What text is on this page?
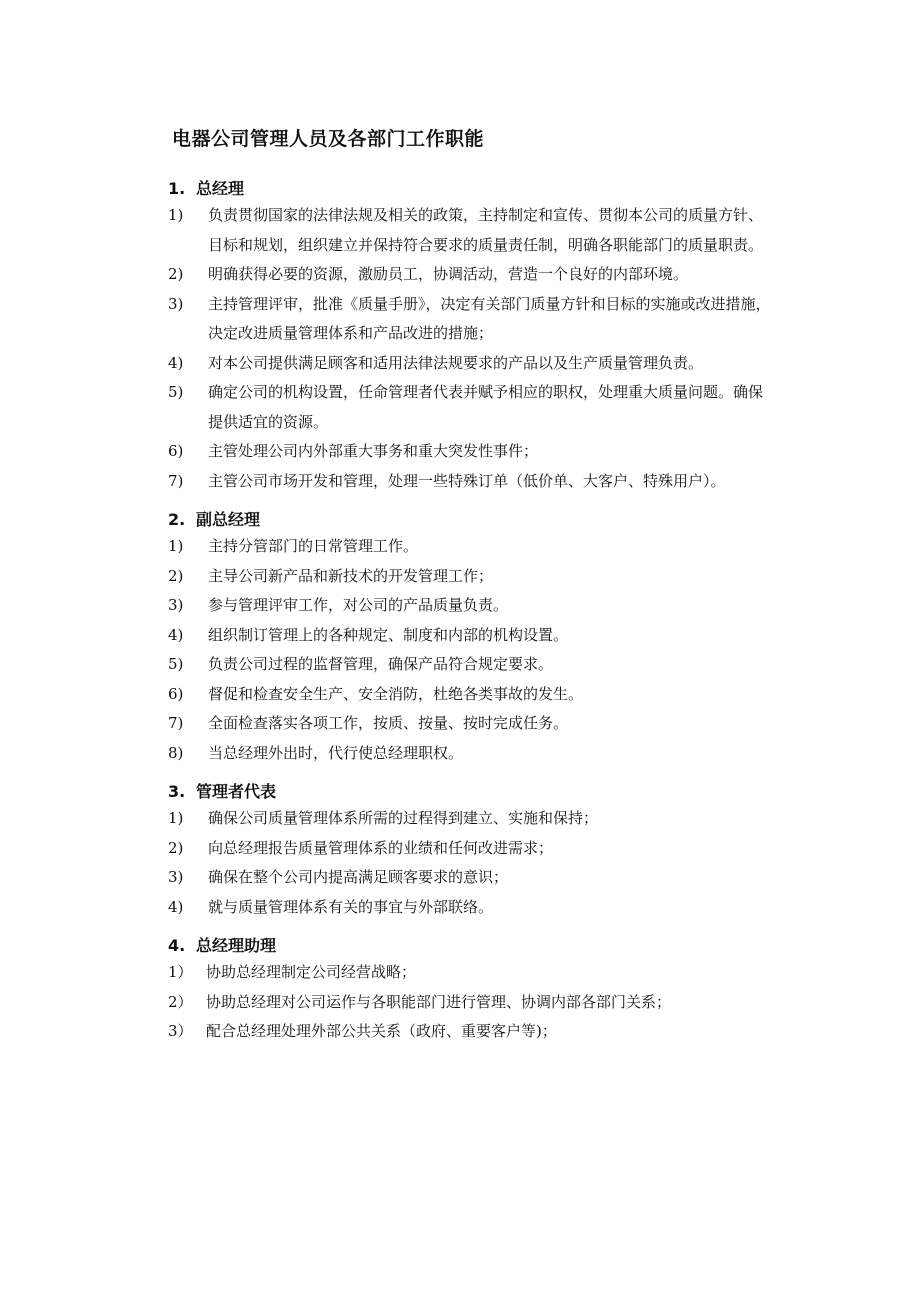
电器公司管理人员及各部门工作职能
1. 总经理
1)	负责贯彻国家的法律法规及相关的政策，主持制定和宣传、贯彻本公司的质量方针、目标和规划，组织建立并保持符合要求的质量责任制，明确各职能部门的质量职责。
2)	明确获得必要的资源，激励员工，协调活动，营造一个良好的内部环境。
3)	主持管理评审，批准《质量手册》，决定有关部门质量方针和目标的实施或改进措施，决定改进质量管理体系和产品改进的措施；
4)	对本公司提供满足顾客和适用法律法规要求的产品以及生产质量管理负责。
5)	确定公司的机构设置，任命管理者代表并赋予相应的职权，处理重大质量问题。确保提供适宜的资源。
6)	主管处理公司内外部重大事务和重大突发性事件；
7)	主管公司市场开发和管理，处理一些特殊订单（低价单、大客户、特殊用户）。
2. 副总经理
1)	主持分管部门的日常管理工作。
2)	主导公司新产品和新技术的开发管理工作；
3)	参与管理评审工作，对公司的产品质量负责。
4)	组织制订管理上的各种规定、制度和内部的机构设置。
5)	负责公司过程的监督管理，确保产品符合规定要求。
6)	督促和检查安全生产、安全消防，杜绝各类事故的发生。
7)	全面检查落实各项工作，按质、按量、按时完成任务。
8)	当总经理外出时，代行使总经理职权。
3. 管理者代表
1)	确保公司质量管理体系所需的过程得到建立、实施和保持；
2)	向总经理报告质量管理体系的业绩和任何改进需求；
3)	确保在整个公司内提高满足顾客要求的意识；
4)	就与质量管理体系有关的事宜与外部联络。
4. 总经理助理
1） 协助总经理制定公司经营战略；
2） 协助总经理对公司运作与各职能部门进行管理、协调内部各部门关系；
3） 配合总经理处理外部公共关系（政府、重要客户等)；
